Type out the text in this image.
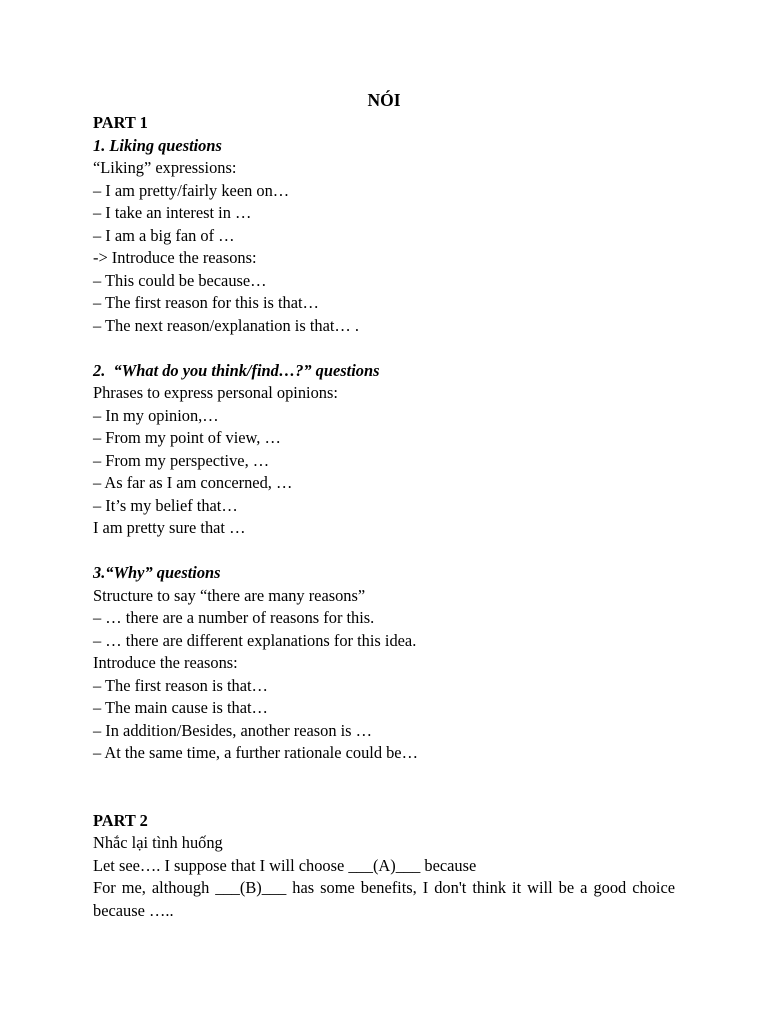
NÓI
PART 1
1. Liking questions
“Liking” expressions:
– I am pretty/fairly keen on…
– I take an interest in …
– I am a big fan of …
-> Introduce the reasons:
– This could be because…
– The first reason for this is that…
– The next reason/explanation is that… .
2.  “What do you think/find…?” questions
Phrases to express personal opinions:
– In my opinion,…
– From my point of view, …
– From my perspective, …
– As far as I am concerned, …
– It’s my belief that…
I am pretty sure that …
3.“Why” questions
Structure to say “there are many reasons”
– … there are a number of reasons for this.
– … there are different explanations for this idea.
Introduce the reasons:
– The first reason is that…
– The main cause is that…
– In addition/Besides, another reason is …
– At the same time, a further rationale could be…
PART 2
Nhắc lại tình huống
Let see…. I suppose that I will choose ___(A)___ because
For me, although ___(B)___ has some benefits, I don't think it will be a good choice because …..
